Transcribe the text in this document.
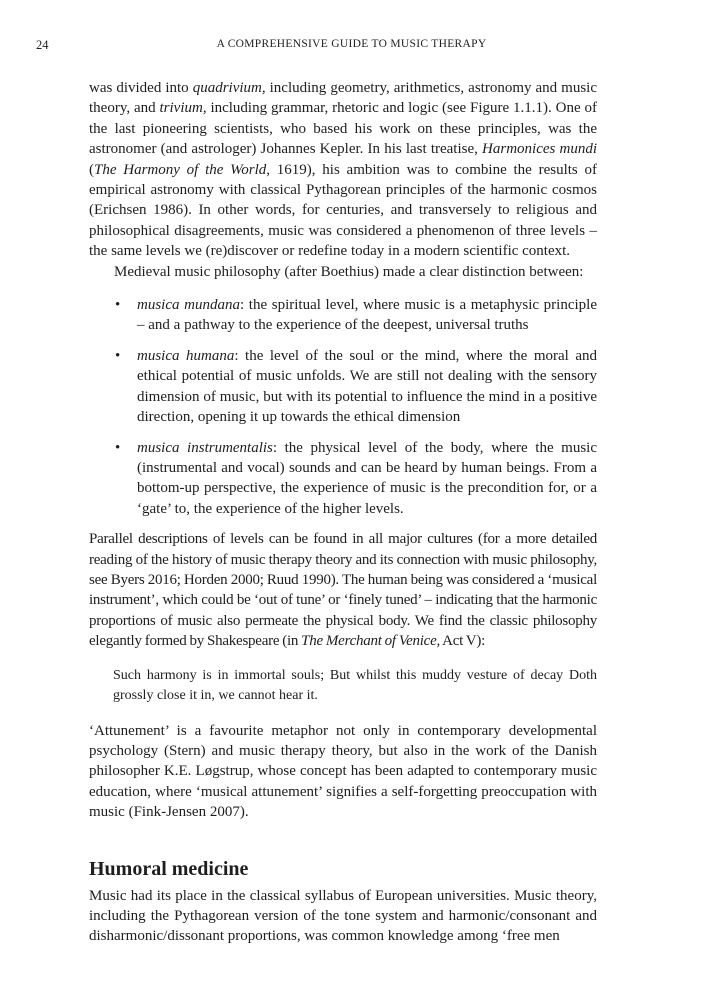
24	A COMPREHENSIVE GUIDE TO MUSIC THERAPY

was divided into quadrivium, including geometry, arithmetics, astronomy and music theory, and trivium, including grammar, rhetoric and logic (see Figure 1.1.1). One of the last pioneering scientists, who based his work on these principles, was the astronomer (and astrologer) Johannes Kepler. In his last treatise, Harmonices mundi (The Harmony of the World, 1619), his ambition was to combine the results of empirical astronomy with classical Pythagorean principles of the harmonic cosmos (Erichsen 1986). In other words, for centuries, and transversely to religious and philosophical disagreements, music was considered a phenomenon of three levels – the same levels we (re)discover or redefine today in a modern scientific context.

Medieval music philosophy (after Boethius) made a clear distinction between:

• musica mundana: the spiritual level, where music is a metaphysic principle – and a pathway to the experience of the deepest, universal truths

• musica humana: the level of the soul or the mind, where the moral and ethical potential of music unfolds. We are still not dealing with the sensory dimension of music, but with its potential to influence the mind in a positive direction, opening it up towards the ethical dimension

• musica instrumentalis: the physical level of the body, where the music (instrumental and vocal) sounds and can be heard by human beings. From a bottom-up perspective, the experience of music is the precondition for, or a ‘gate’ to, the experience of the higher levels.

Parallel descriptions of levels can be found in all major cultures (for a more detailed reading of the history of music therapy theory and its connection with music philosophy, see Byers 2016; Horden 2000; Ruud 1990). The human being was considered a ‘musical instrument’, which could be ‘out of tune’ or ‘finely tuned’ – indicating that the harmonic proportions of music also permeate the physical body. We find the classic philosophy elegantly formed by Shakespeare (in The Merchant of Venice, Act V):

Such harmony is in immortal souls; But whilst this muddy vesture of decay Doth grossly close it in, we cannot hear it.

‘Attunement’ is a favourite metaphor not only in contemporary developmental psychology (Stern) and music therapy theory, but also in the work of the Danish philosopher K.E. Løgstrup, whose concept has been adapted to contemporary music education, where ‘musical attunement’ signifies a self-forgetting preoccupation with music (Fink-Jensen 2007).

Humoral medicine

Music had its place in the classical syllabus of European universities. Music theory, including the Pythagorean version of the tone system and harmonic/consonant and disharmonic/dissonant proportions, was common knowledge among ‘free men
